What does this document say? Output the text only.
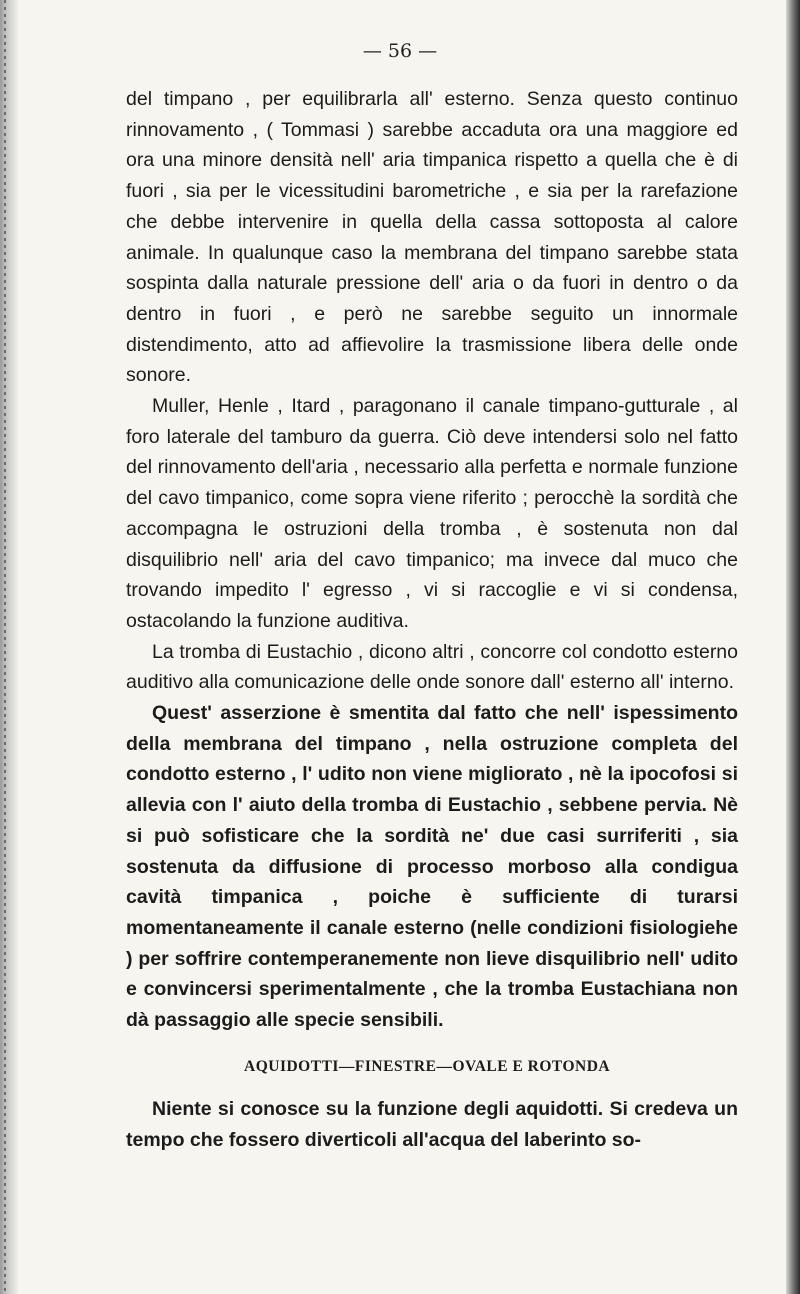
— 56 —

del timpano , per equilibrarla all' esterno. Senza questo continuo rinnovamento , ( Tommasi ) sarebbe accaduta ora una maggiore ed ora una minore densità nell' aria timpanica rispetto a quella che è di fuori , sia per le vicessitudini barometriche , e sia per la rarefazione che debbe intervenire in quella della cassa sottoposta al calore animale. In qualunque caso la membrana del timpano sarebbe stata sospinta dalla naturale pressione dell' aria o da fuori in dentro o da dentro in fuori , e però ne sarebbe seguito un innormale distendimento, atto ad affievolire la trasmissione libera delle onde sonore.

Muller, Henle , Itard , paragonano il canale timpano-gutturale , al foro laterale del tamburo da guerra. Ciò deve intendersi solo nel fatto del rinnovamento dell'aria , necessario alla perfetta e normale funzione del cavo timpanico, come sopra viene riferito ; perocchè la sordità che accompagna le ostruzioni della tromba , è sostenuta non dal disquilibrio nell' aria del cavo timpanico; ma invece dal muco che trovando impedito l' egresso , vi si raccoglie e vi si condensa, ostacolando la funzione auditiva.

La tromba di Eustachio , dicono altri , concorre col condotto esterno auditivo alla comunicazione delle onde sonore dall' esterno all' interno.

Quest' asserzione è smentita dal fatto che nell' ispessimento della membrana del timpano , nella ostruzione completa del condotto esterno , l' udito non viene migliorato , nè la ipocofosi si allevia con l' aiuto della tromba di Eustachio , sebbene pervia. Nè si può sofisticare che la sordità ne' due casi surriferiti , sia sostenuta da diffusione di processo morboso alla condigua cavità timpanica , poiche è sufficiente di turarsi momentaneamente il canale esterno (nelle condizioni fisiologiehe ) per soffrire contemperanemente non lieve disquilibrio nell' udito e convincersi sperimentalmente , che la tromba Eustachiana non dà passaggio alle specie sensibili.

AQUIDOTTI—FINESTRE—OVALE E ROTONDA

Niente si conosce su la funzione degli aquidotti. Si credeva un tempo che fossero diverticoli all'acqua del laberinto so-
